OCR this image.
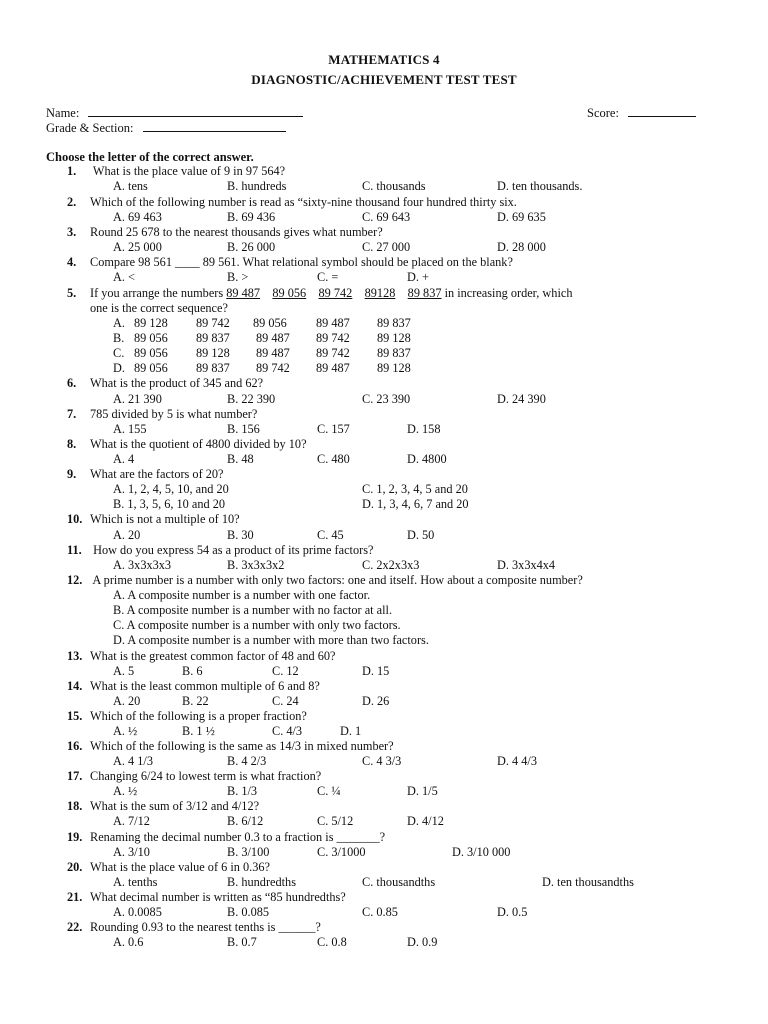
MATHEMATICS 4
DIAGNOSTIC/ACHIEVEMENT TEST TEST
Name:	Score:
Grade & Section:
Choose the letter of the correct answer.
1. What is the place value of 9 in 97 564?
A. tens	B. hundreds	C. thousands	D. ten thousands.
2. Which of the following number is read as “sixty-nine thousand four hundred thirty six.
A. 69 463	B. 69 436	C. 69 643	D. 69 635
3. Round 25 678 to the nearest thousands gives what number?
A. 25 000	B. 26 000	C. 27 000	D. 28 000
4. Compare 98 561 ____ 89 561. What relational symbol should be placed on the blank?
A. <	B. >	C. =	D. +
5. If you arrange the numbers 89 487 89 056 89 742 89128 89 837 in increasing order, which
one is the correct sequence?
A. 89 128 89 742 89 056 89 487 89 837
B. 89 056 89 837 89 487 89 742 89 128
C. 89 056 89 128 89 487 89 742 89 837
D. 89 056 89 837 89 742 89 487 89 128
6. What is the product of 345 and 62?
A. 21 390	B. 22 390	C. 23 390	D. 24 390
7. 785 divided by 5 is what number?
A. 155	B. 156	C. 157	D. 158
8. What is the quotient of 4800 divided by 10?
A. 4	B. 48	C. 480	D. 4800
9. What are the factors of 20?
A. 1, 2, 4, 5, 10, and 20	C. 1, 2, 3, 4, 5 and 20
B. 1, 3, 5, 6, 10 and 20	D. 1, 3, 4, 6, 7 and 20
10. Which is not a multiple of 10?
A. 20	B. 30	C. 45	D. 50
11. How do you express 54 as a product of its prime factors?
A. 3x3x3x3	B. 3x3x3x2	C. 2x2x3x3	D. 3x3x4x4
12. A prime number is a number with only two factors: one and itself. How about a composite number?
A. A composite number is a number with one factor.
B. A composite number is a number with no factor at all.
C. A composite number is a number with only two factors.
D. A composite number is a number with more than two factors.
13. What is the greatest common factor of 48 and 60?
A. 5	B. 6	C. 12	D. 15
14. What is the least common multiple of 6 and 8?
A. 20	B. 22	C. 24	D. 26
15. Which of the following is a proper fraction?
A. ½	B. 1 ½	C. 4/3	D. 1
16. Which of the following is the same as 14/3 in mixed number?
A. 4 1/3	B. 4 2/3	C. 4 3/3	D. 4 4/3
17. Changing 6/24 to lowest term is what fraction?
A. ½	B. 1/3	C. ¼	D. 1/5
18. What is the sum of 3/12 and 4/12?
A. 7/12	B. 6/12	C. 5/12	D. 4/12
19. Renaming the decimal number 0.3 to a fraction is _______?
A. 3/10	B. 3/100	C. 3/1000	D. 3/10 000
20. What is the place value of 6 in 0.36?
A. tenths	B. hundredths	C. thousandths	D. ten thousandths
21. What decimal number is written as “85 hundredths?
A. 0.0085	B. 0.085	C. 0.85	D. 0.5
22. Rounding 0.93 to the nearest tenths is ______?
A. 0.6	B. 0.7	C. 0.8	D. 0.9
